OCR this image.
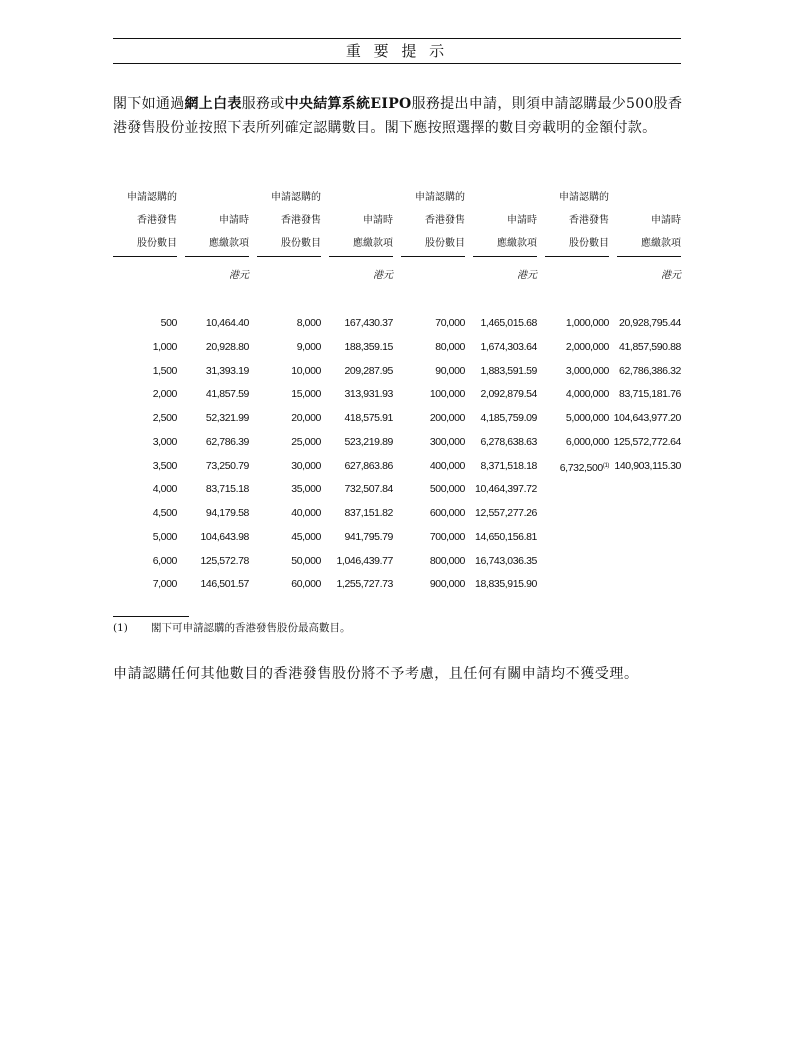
重 要 提 示
閣下如通過網上白表服務或中央結算系統EIPO服務提出申請，則須申請認購最少500股香港發售股份並按照下表所列確定認購數目。閣下應按照選擇的數目旁載明的金額付款。
申請認購的
香港發售
股份數目
申請時
應繳款項
港元
500
1,000
1,500
2,000
2,500
3,000
3,500
4,000
4,500
5,000
6,000
7,000
10,464.40
20,928.80
31,393.19
41,857.59
52,321.99
62,786.39
73,250.79
83,715.18
94,179.58
104,643.98
125,572.78
146,501.57
申請認購的
香港發售
股份數目
申請時
應繳款項
港元
8,000
9,000
10,000
15,000
20,000
25,000
30,000
35,000
40,000
45,000
50,000
60,000
167,430.37
188,359.15
209,287.95
313,931.93
418,575.91
523,219.89
627,863.86
732,507.84
837,151.82
941,795.79
1,046,439.77
1,255,727.73
申請認購的
香港發售
股份數目
申請時
應繳款項
港元
70,000
80,000
90,000
100,000
200,000
300,000
400,000
500,000
600,000
700,000
800,000
900,000
1,465,015.68
1,674,303.64
1,883,591.59
2,092,879.54
4,185,759.09
6,278,638.63
8,371,518.18
10,464,397.72
12,557,277.26
14,650,156.81
16,743,036.35
18,835,915.90
申請認購的
香港發售
股份數目
申請時
應繳款項
港元
1,000,000
2,000,000
3,000,000
4,000,000
5,000,000
6,000,000
6,732,500$^{(1)}$
20,928,795.44
41,857,590.88
62,786,386.32
83,715,181.76
104,643,977.20
125,572,772.64
140,903,115.30
(1) 閣下可申請認購的香港發售股份最高數目。
申請認購任何其他數目的香港發售股份將不予考慮，且任何有關申請均不獲受理。
